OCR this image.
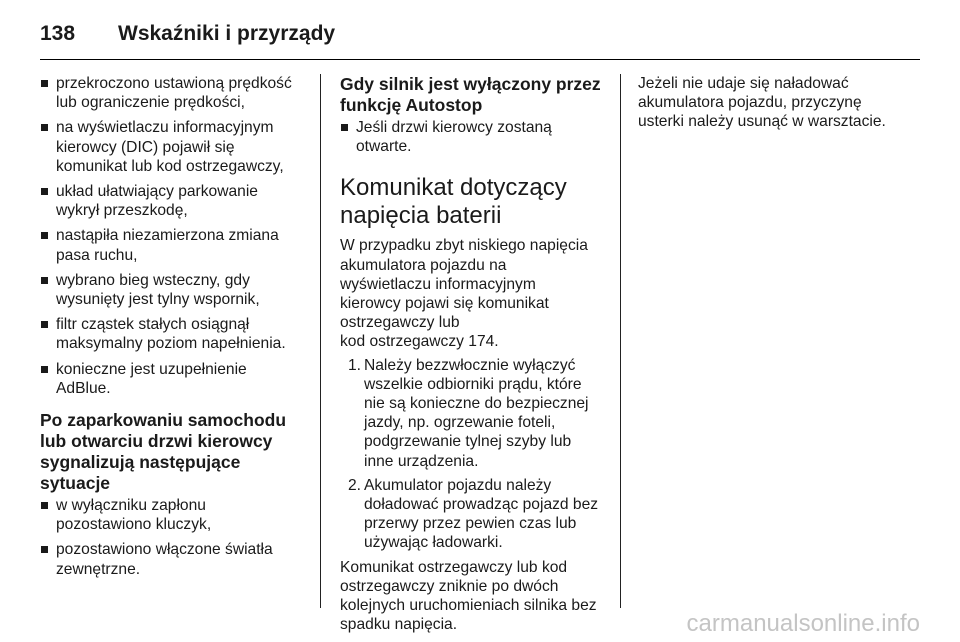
138 Wskaźniki i przyrządy
przekroczono ustawioną prędkość
lub ograniczenie prędkości,
na wyświetlaczu informacyjnym
kierowcy (DIC) pojawił się
komunikat lub kod ostrzegawczy,
układ ułatwiający parkowanie
wykrył przeszkodę,
nastąpiła niezamierzona zmiana
pasa ruchu,
wybrano bieg wsteczny, gdy
wysunięty jest tylny wspornik,
filtr cząstek stałych osiągnął
maksymalny poziom napełnienia.
konieczne jest uzupełnienie
AdBlue.
Po zaparkowaniu samochodu
lub otwarciu drzwi kierowcy
sygnalizują następujące
sytuacje
w wyłączniku zapłonu
pozostawiono kluczyk,
pozostawiono włączone światła
zewnętrzne.
Gdy silnik jest wyłączony przez
funkcję Autostop
Jeśli drzwi kierowcy zostaną
otwarte.
Komunikat dotyczący
napięcia baterii
W przypadku zbyt niskiego napięcia
akumulatora pojazdu na
wyświetlaczu informacyjnym
kierowcy pojawi się komunikat
ostrzegawczy lub
kod ostrzegawczy 174.
1. Należy bezzwłocznie wyłączyć
wszelkie odbiorniki prądu, które
nie są konieczne do bezpiecznej
jazdy, np. ogrzewanie foteli,
podgrzewanie tylnej szyby lub
inne urządzenia.
2. Akumulator pojazdu należy
doładować prowadząc pojazd bez
przerwy przez pewien czas lub
używając ładowarki.
Komunikat ostrzegawczy lub kod
ostrzegawczy zniknie po dwóch
kolejnych uruchomieniach silnika bez
spadku napięcia.
Jeżeli nie udaje się naładować
akumulatora pojazdu, przyczynę
usterki należy usunąć w warsztacie.
carmanualsonline.info
